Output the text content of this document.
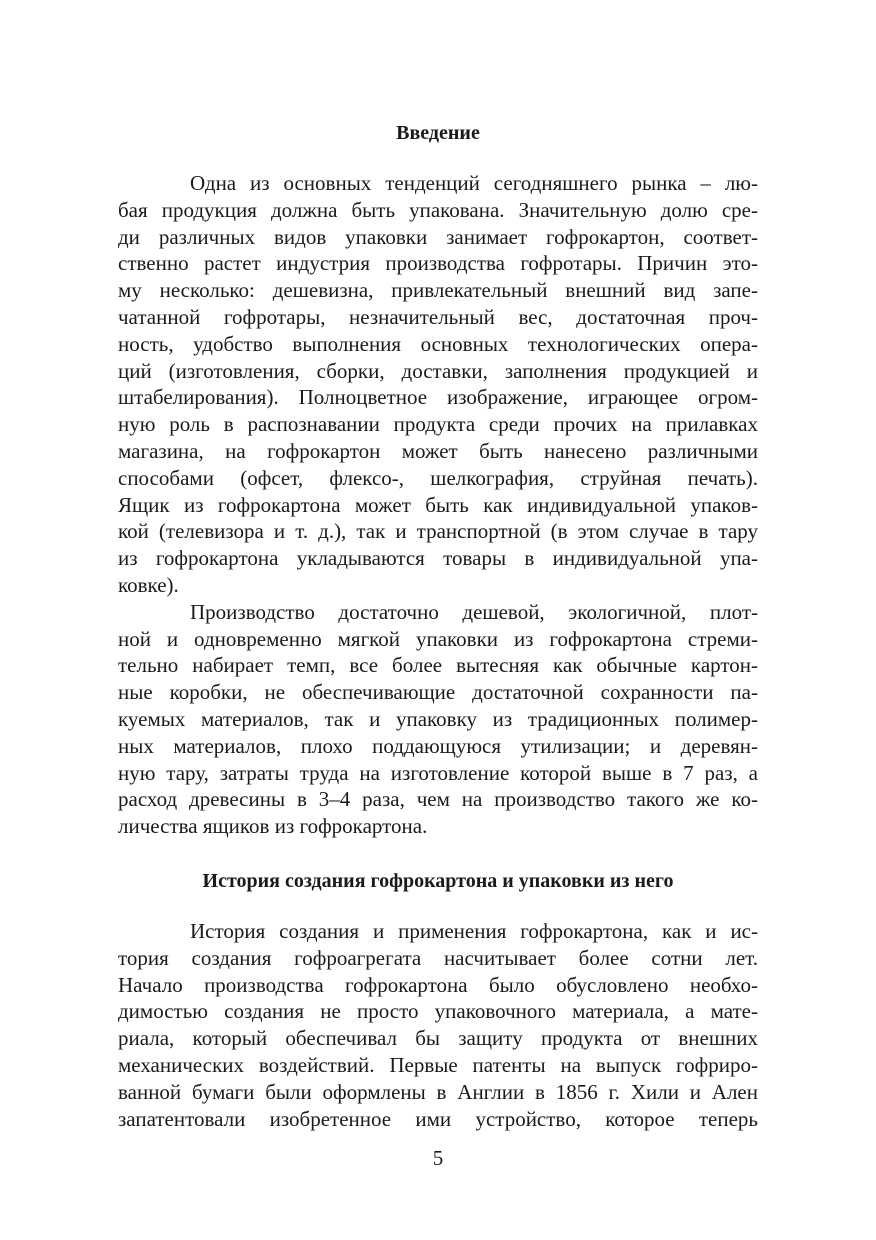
Введение
Одна из основных тенденций сегодняшнего рынка – лю-
бая продукция должна быть упакована. Значительную долю сре-
ди различных видов упаковки занимает гофрокартон, соответ-
ственно растет индустрия производства гофротары. Причин это-
му несколько: дешевизна, привлекательный внешний вид запе-
чатанной гофротары, незначительный вес, достаточная проч-
ность, удобство выполнения основных технологических опера-
ций (изготовления, сборки, доставки, заполнения продукцией и
штабелирования). Полноцветное изображение, играющее огром-
ную роль в распознавании продукта среди прочих на прилавках
магазина, на гофрокартон может быть нанесено различными
способами (офсет, флексо-, шелкография, струйная печать).
Ящик из гофрокартона может быть как индивидуальной упаков-
кой (телевизора и т. д.), так и транспортной (в этом случае в тару
из гофрокартона укладываются товары в индивидуальной упа-
ковке).
Производство достаточно дешевой, экологичной, плот-
ной и одновременно мягкой упаковки из гофрокартона стреми-
тельно набирает темп, все более вытесняя как обычные картон-
ные коробки, не обеспечивающие достаточной сохранности па-
куемых материалов, так и упаковку из традиционных полимер-
ных материалов, плохо поддающуюся утилизации; и деревян-
ную тару, затраты труда на изготовление которой выше в 7 раз, а
расход древесины в 3–4 раза, чем на производство такого же ко-
личества ящиков из гофрокартона.
История создания гофрокартона и упаковки из него
История создания и применения гофрокартона, как и ис-
тория создания гофроагрегата насчитывает более сотни лет.
Начало производства гофрокартона было обусловлено необхо-
димостью создания не просто упаковочного материала, а мате-
риала, который обеспечивал бы защиту продукта от внешних
механических воздействий. Первые патенты на выпуск гофриро-
ванной бумаги были оформлены в Англии в 1856 г. Хили и Ален
запатентовали изобретенное ими устройство, которое теперь
5
